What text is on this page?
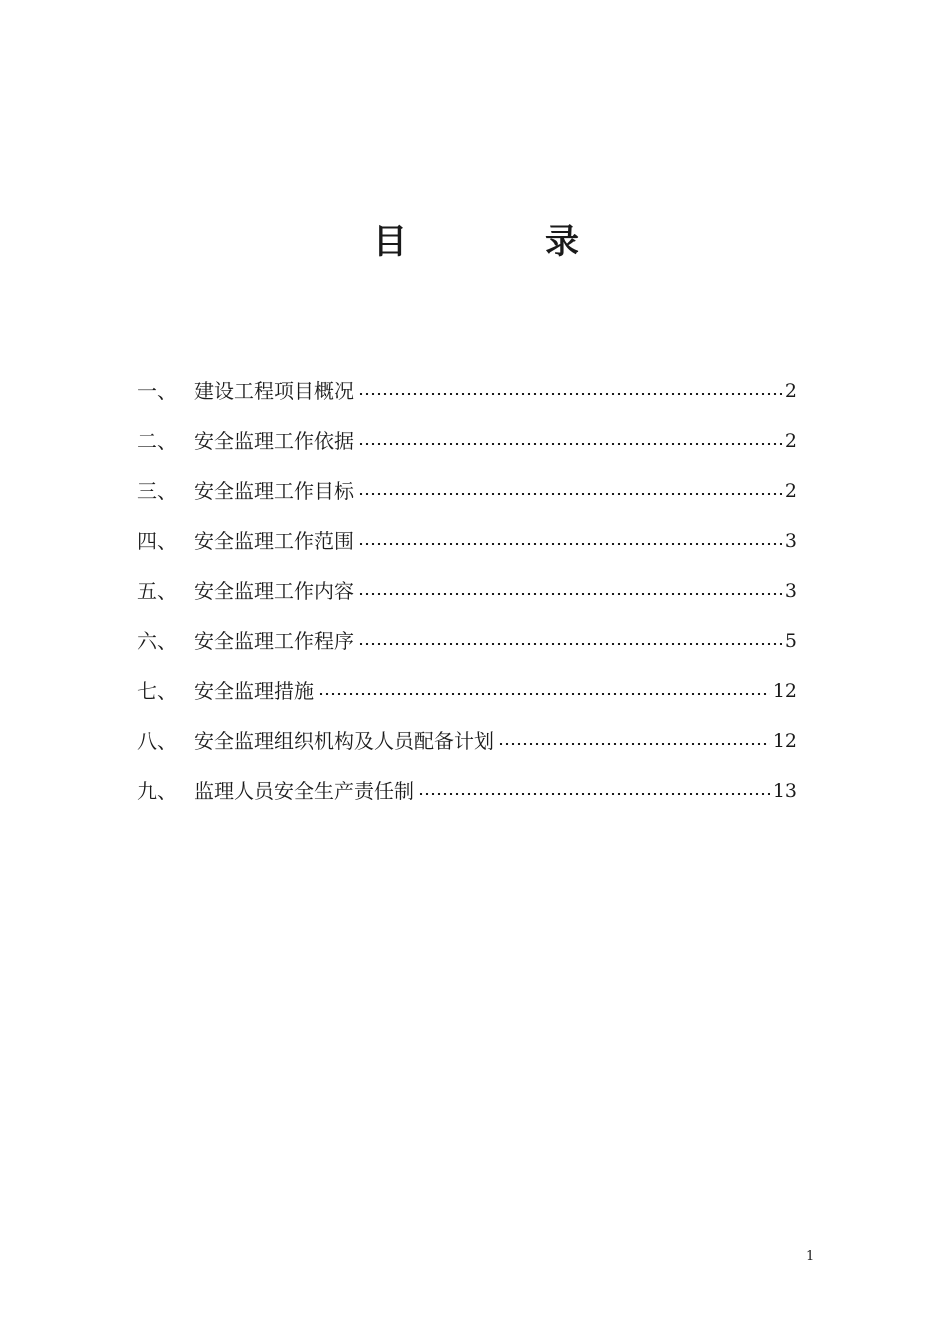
目	录
一、 建设工程项目概况	2
二、 安全监理工作依据	2
三、 安全监理工作目标	2
四、 安全监理工作范围	3
五、 安全监理工作内容	3
六、 安全监理工作程序	5
七、 安全监理措施	12
八、 安全监理组织机构及人员配备计划	12
九、 监理人员安全生产责任制	13
1
